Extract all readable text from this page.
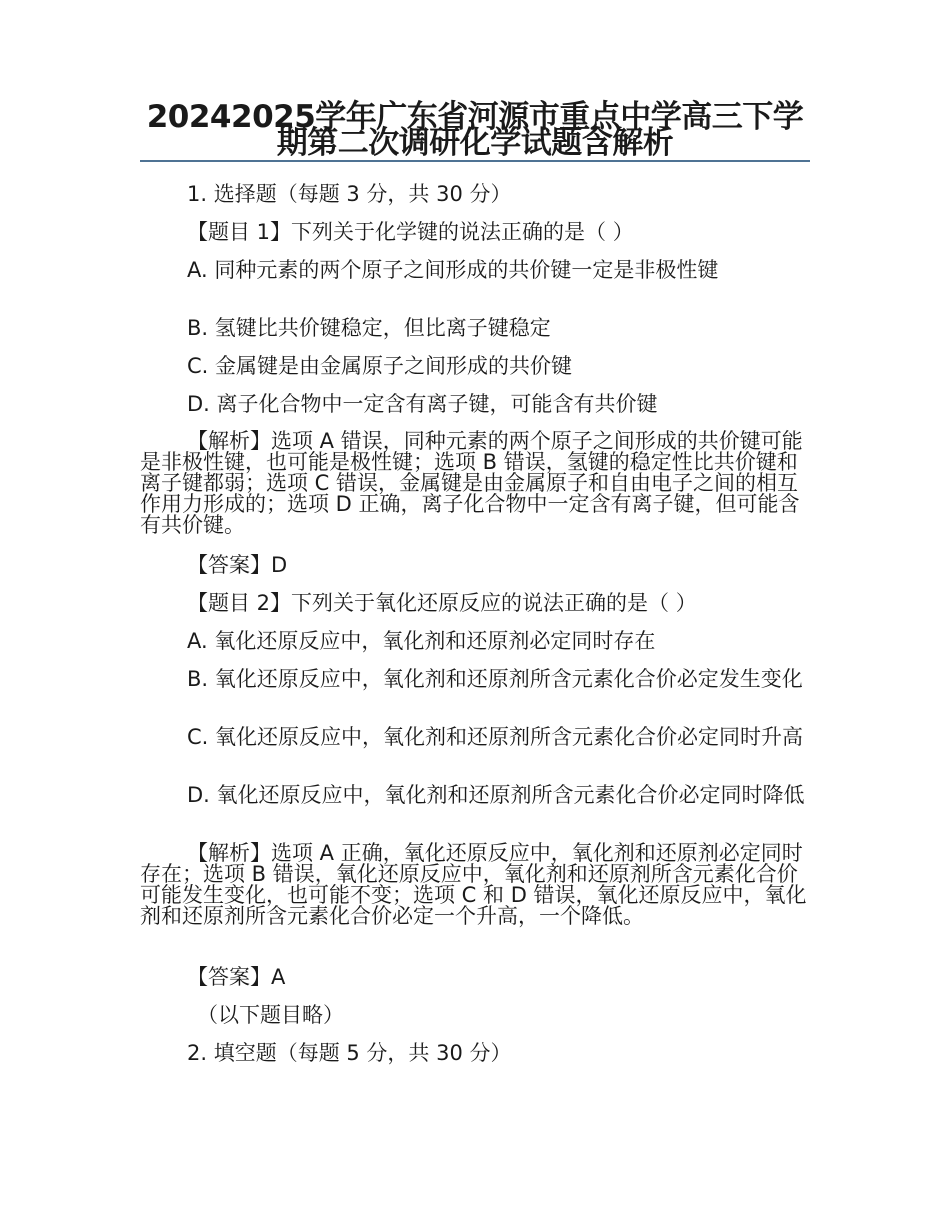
20242025学年广东省河源市重点中学高三下学期第二次调研化学试题含解析

1. 选择题（每题 3 分，共 30 分）

【题目 1】下列关于化学键的说法正确的是（ ）

A. 同种元素的两个原子之间形成的共价键一定是非极性键

B. 氢键比共价键稳定，但比离子键稳定

C. 金属键是由金属原子之间形成的共价键

D. 离子化合物中一定含有离子键，可能含有共价键

【解析】选项 A 错误，同种元素的两个原子之间形成的共价键可能是非极性键，也可能是极性键；选项 B 错误，氢键的稳定性比共价键和离子键都弱；选项 C 错误，金属键是由金属原子和自由电子之间的相互作用力形成的；选项 D 正确，离子化合物中一定含有离子键，但可能含有共价键。

【答案】D

【题目 2】下列关于氧化还原反应的说法正确的是（ ）

A. 氧化还原反应中，氧化剂和还原剂必定同时存在

B. 氧化还原反应中，氧化剂和还原剂所含元素化合价必定发生变化

C. 氧化还原反应中，氧化剂和还原剂所含元素化合价必定同时升高

D. 氧化还原反应中，氧化剂和还原剂所含元素化合价必定同时降低

【解析】选项 A 正确，氧化还原反应中，氧化剂和还原剂必定同时存在；选项 B 错误，氧化还原反应中，氧化剂和还原剂所含元素化合价可能发生变化，也可能不变；选项 C 和 D 错误，氧化还原反应中，氧化剂和还原剂所含元素化合价必定一个升高，一个降低。

【答案】A

（以下题目略）

2. 填空题（每题 5 分，共 30 分）
